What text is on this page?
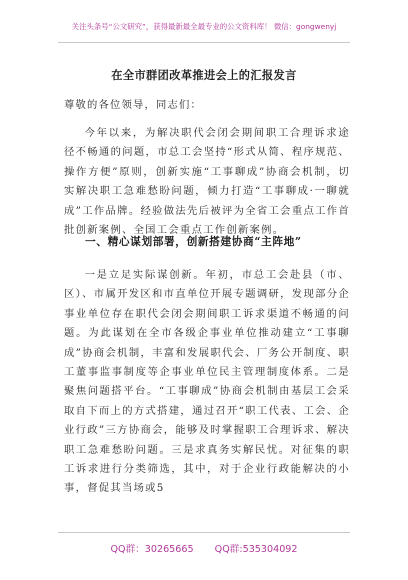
关注头条号“公文研究”，获得最新最全最专业的公文资料库！ 微信：gongwenyj
在全市群团改革推进会上的汇报发言
尊敬的各位领导，同志们：

今年以来，为解决职代会闭会期间职工合理诉求途径不畅通的问题，市总工会坚持“形式从简、程序规范、操作方便”原则，创新实施“工事聊成”协商会机制，切实解决职工急难愁盼问题，倾力打造“工事聊成·一聊就成”工作品牌。经验做法先后被评为全省工会重点工作首批创新案例、全国工会重点工作创新案例。

一、精心谋划部署，创新搭建协商“主阵地”

一是立足实际谋创新。年初，市总工会赴县（市、区）、市属开发区和市直单位开展专题调研，发现部分企事业单位存在职代会闭会期间职工诉求渠道不畅通的问题。为此谋划在全市各级企事业单位推动建立“工事聊成”协商会机制，丰富和发展职代会、厂务公开制度、职工董事监事制度等企事业单位民主管理制度体系。二是聚焦问题搭平台。“工事聊成”协商会机制由基层工会采取自下而上的方式搭建，通过召开“职工代表、工会、企业行政”三方协商会，能够及时掌握职工合理诉求、解决职工急难愁盼问题。三是求真务实解民忧。对征集的职工诉求进行分类筛选，其中，对于企业行政能解决的小事，督促其当场或5

QQ群：30265665 QQ群:535304092
